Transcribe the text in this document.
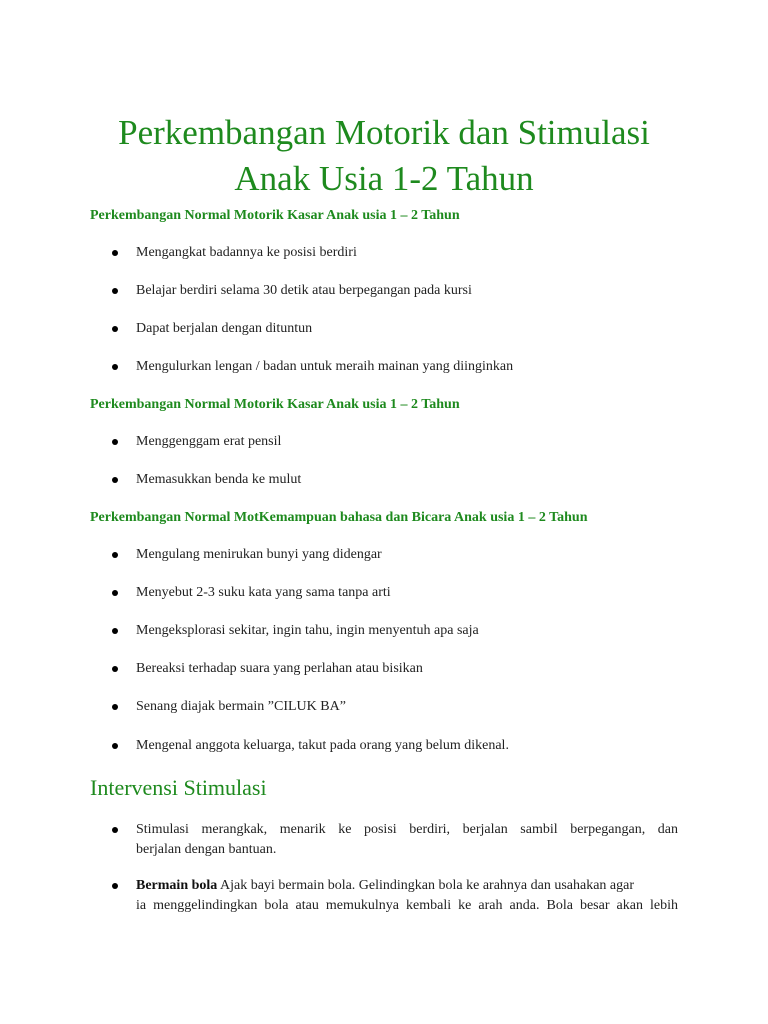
Perkembangan Motorik dan Stimulasi
Anak Usia 1-2 Tahun

Perkembangan Normal Motorik Kasar Anak usia 1 – 2 Tahun

Mengangkat badannya ke posisi berdiri
Belajar berdiri selama 30 detik atau berpegangan pada kursi
Dapat berjalan dengan dituntun
Mengulurkan lengan / badan untuk meraih mainan yang diinginkan

Perkembangan Normal Motorik Kasar Anak usia 1 – 2 Tahun

Menggenggam erat pensil
Memasukkan benda ke mulut

Perkembangan Normal MotKemampuan bahasa dan Bicara Anak usia 1 – 2 Tahun

Mengulang menirukan bunyi yang didengar
Menyebut 2-3 suku kata yang sama tanpa arti
Mengeksplorasi sekitar, ingin tahu, ingin menyentuh apa saja
Bereaksi terhadap suara yang perlahan atau bisikan
Senang diajak bermain ”CILUK BA”
Mengenal anggota keluarga, takut pada orang yang belum dikenal.
Intervensi Stimulasi
Stimulasi merangkak, menarik ke posisi berdiri, berjalan sambil berpegangan, dan
berjalan dengan bantuan.
Bermain bola Ajak bayi bermain bola. Gelindingkan bola ke arahnya dan usahakan agar
ia menggelindingkan bola atau memukulnya kembali ke arah anda. Bola besar akan lebih
